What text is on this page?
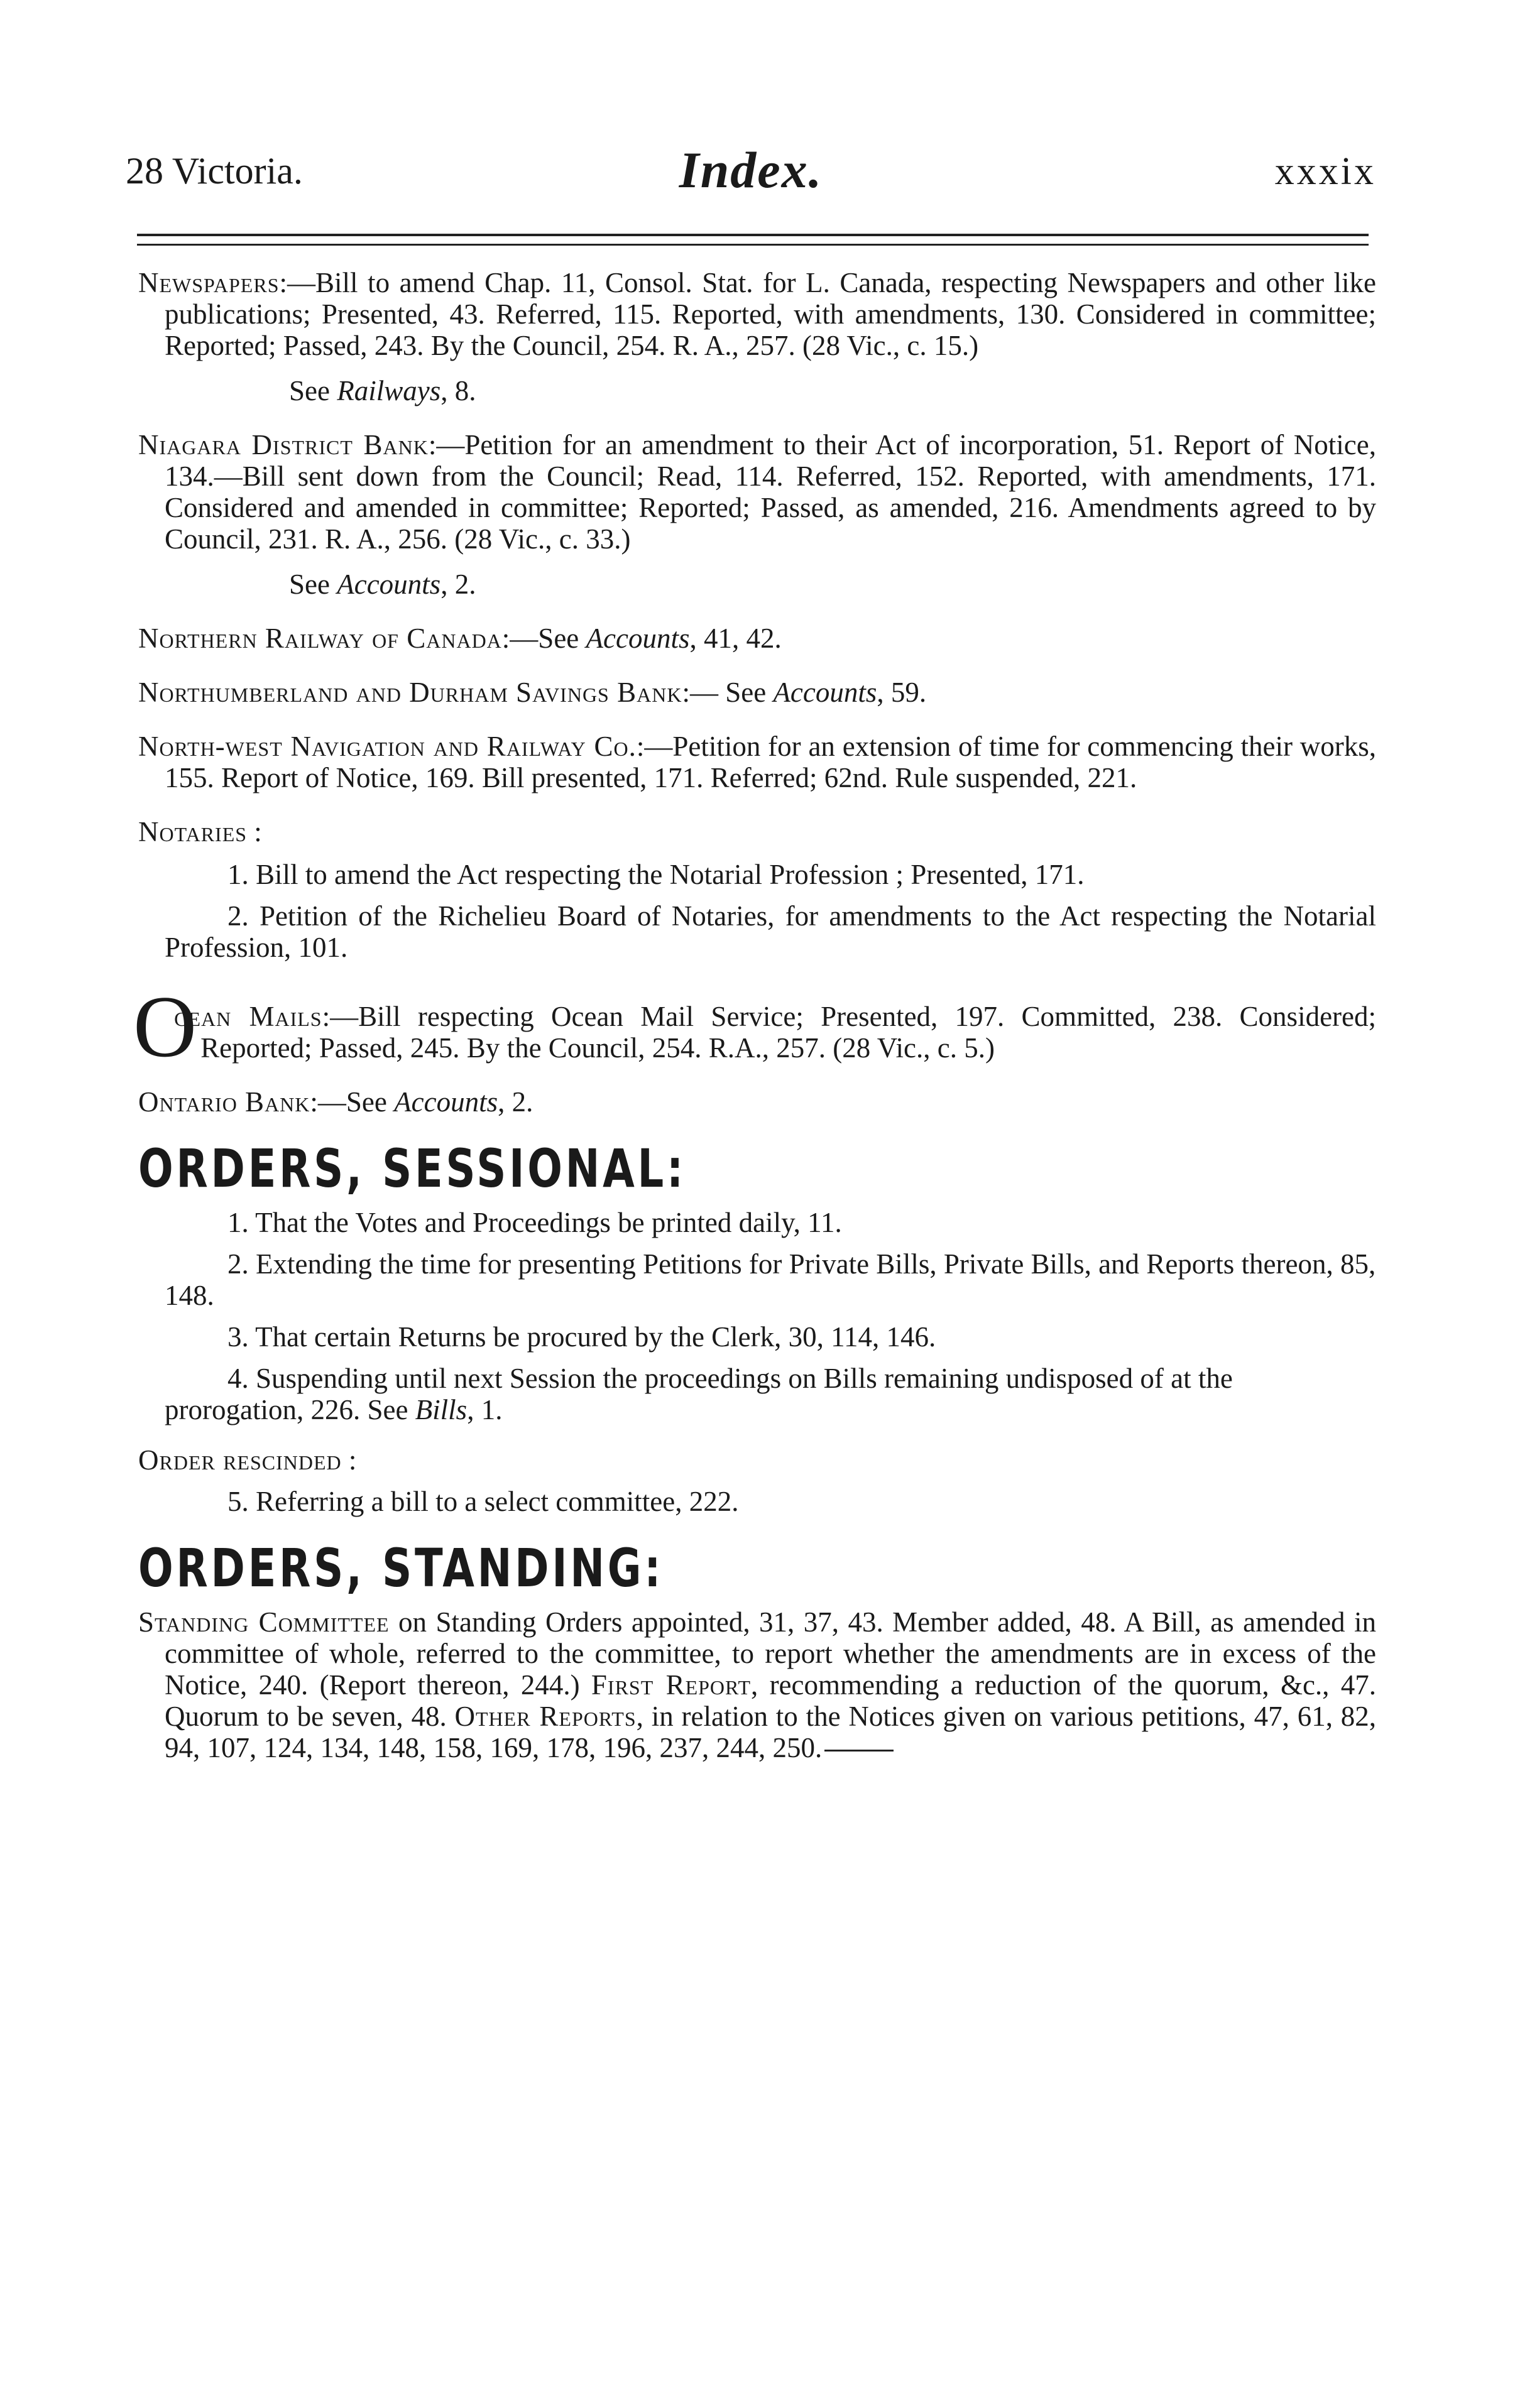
28 Victoria.	Index.	xxxix

Newspapers:—Bill to amend Chap. 11, Consol. Stat. for L. Canada, respecting Newspapers and other like publications; Presented, 43. Referred, 115. Reported, with amendments, 130. Considered in committee; Reported; Passed, 243. By the Council, 254. R. A., 257. (28 Vic., c. 15.)

See Railways, 8.

Niagara District Bank:—Petition for an amendment to their Act of incorporation, 51. Report of Notice, 134.—Bill sent down from the Council; Read, 114. Referred, 152. Reported, with amendments, 171. Considered and amended in committee; Reported; Passed, as amended, 216. Amendments agreed to by Council, 231. R. A., 256. (28 Vic., c. 33.)

See Accounts, 2.

Northern Railway of Canada:—See Accounts, 41, 42.

Northumberland and Durham Savings Bank:— See Accounts, 59.

North-west Navigation and Railway Co.:—Petition for an extension of time for commencing their works, 155. Report of Notice, 169. Bill presented, 171. Referred; 62nd. Rule suspended, 221.

Notaries :

1. Bill to amend the Act respecting the Notarial Profession ; Presented, 171.

2. Petition of the Richelieu Board of Notaries, for amendments to the Act respecting the Notarial Profession, 101.

O
cean Mails:—Bill respecting Ocean Mail Service; Presented, 197. Committed, 238. Considered; Reported; Passed, 245. By the Council, 254. R.A., 257. (28 Vic., c. 5.)

Ontario Bank:—See Accounts, 2.

ORDERS, SESSIONAL:

1. That the Votes and Proceedings be printed daily, 11.

2. Extending the time for presenting Petitions for Private Bills, Private Bills, and Reports thereon, 85, 148.

3. That certain Returns be procured by the Clerk, 30, 114, 146.

4. Suspending until next Session the proceedings on Bills remaining undisposed of at the prorogation, 226. See Bills, 1.

Order rescinded :

5. Referring a bill to a select committee, 222.

ORDERS, STANDING:

Standing Committee on Standing Orders appointed, 31, 37, 43. Member added, 48. A Bill, as amended in committee of whole, referred to the committee, to report whether the amendments are in excess of the Notice, 240. (Report thereon, 244.) First Report, recommending a reduction of the quorum, &c., 47. Quorum to be seven, 48. Other Reports, in relation to the Notices given on various petitions, 47, 61, 82, 94, 107, 124, 134, 148, 158, 169, 178, 196, 237, 244, 250.
